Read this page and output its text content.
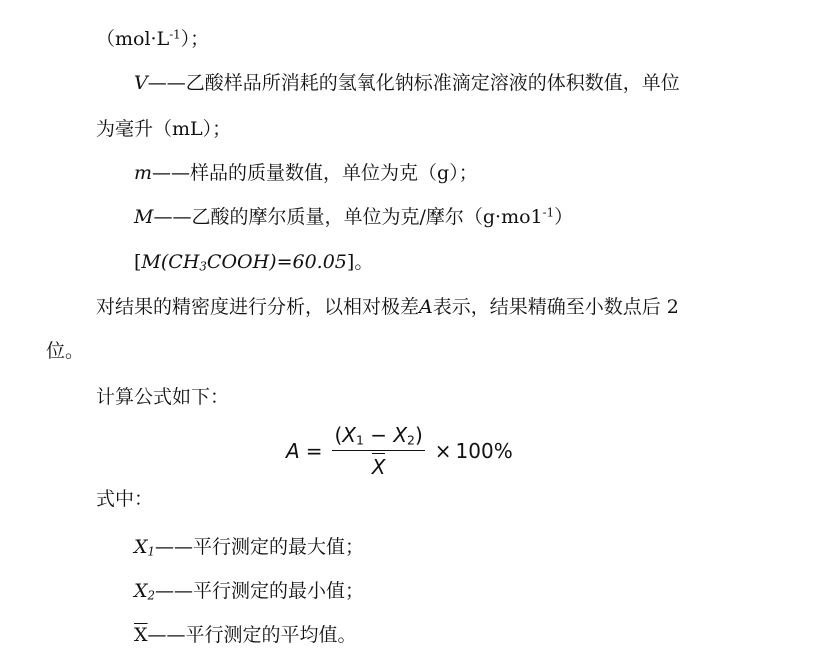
$(mol\cdot L^{-1})$；
V——乙酸样品所消耗的氢氧化钠标准滴定溶液的体积数值，单位
为毫升（mL）；
m——样品的质量数值，单位为克（g）；
M——乙酸的摩尔质量，单位为克/摩尔$(g\cdot mo1^{-1})$
$[M(CH_3COOH)=60.05]$。
对结果的精密度进行分析，以相对极差A表示，结果精确至小数点后 2
位。
计算公式如下：
$A = \frac{(X_1 - X_2)}{X} \times 100\%$
式中：
$X_1——$平行测定的最大值；
$X_2——$平行测定的最小值；
$\overline{X}——$平行测定的平均值。
